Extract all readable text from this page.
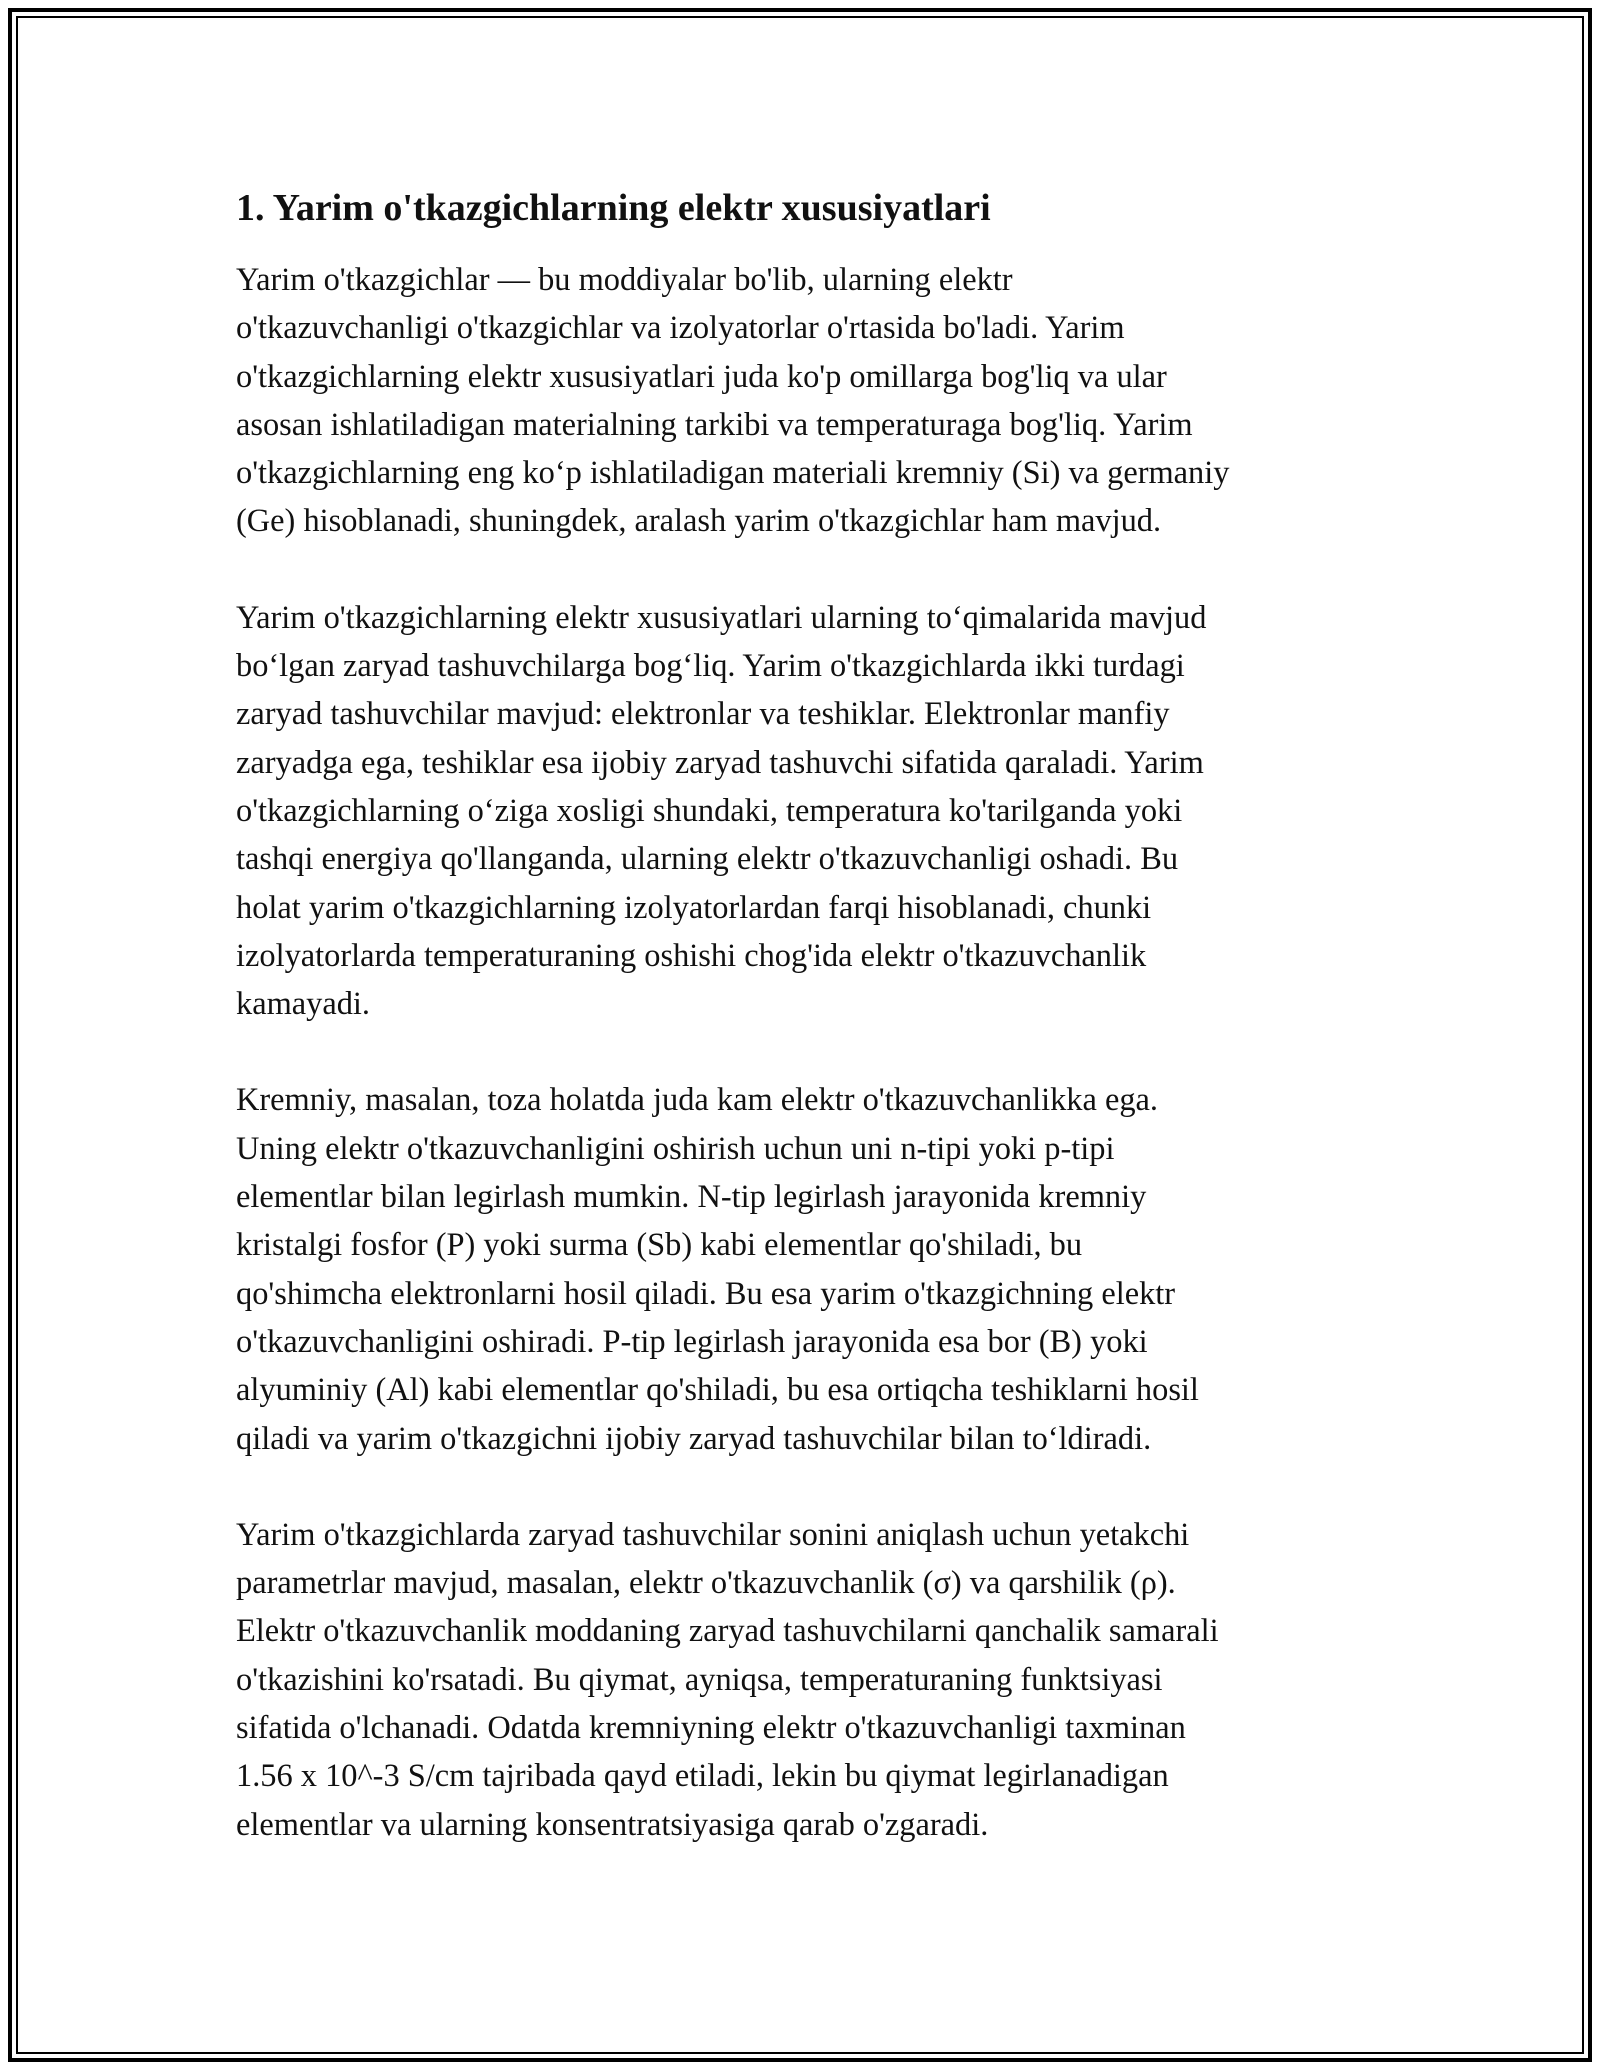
1. Yarim o'tkazgichlarning elektr xususiyatlari

Yarim o'tkazgichlar — bu moddiyalar bo'lib, ularning elektr
o'tkazuvchanligi o'tkazgichlar va izolyatorlar o'rtasida bo'ladi. Yarim
o'tkazgichlarning elektr xususiyatlari juda ko'p omillarga bog'liq va ular
asosan ishlatiladigan materialning tarkibi va temperaturaga bog'liq. Yarim
o'tkazgichlarning eng ko‘p ishlatiladigan materiali kremniy (Si) va germaniy
(Ge) hisoblanadi, shuningdek, aralash yarim o'tkazgichlar ham mavjud.

Yarim o'tkazgichlarning elektr xususiyatlari ularning to‘qimalarida mavjud
bo‘lgan zaryad tashuvchilarga bog‘liq. Yarim o'tkazgichlarda ikki turdagi
zaryad tashuvchilar mavjud: elektronlar va teshiklar. Elektronlar manfiy
zaryadga ega, teshiklar esa ijobiy zaryad tashuvchi sifatida qaraladi. Yarim
o'tkazgichlarning o‘ziga xosligi shundaki, temperatura ko'tarilganda yoki
tashqi energiya qo'llanganda, ularning elektr o'tkazuvchanligi oshadi. Bu
holat yarim o'tkazgichlarning izolyatorlardan farqi hisoblanadi, chunki
izolyatorlarda temperaturaning oshishi chog'ida elektr o'tkazuvchanlik
kamayadi.

Kremniy, masalan, toza holatda juda kam elektr o'tkazuvchanlikka ega.
Uning elektr o'tkazuvchanligini oshirish uchun uni n-tipi yoki p-tipi
elementlar bilan legirlash mumkin. N-tip legirlash jarayonida kremniy
kristalgi fosfor (P) yoki surma (Sb) kabi elementlar qo'shiladi, bu
qo'shimcha elektronlarni hosil qiladi. Bu esa yarim o'tkazgichning elektr
o'tkazuvchanligini oshiradi. P-tip legirlash jarayonida esa bor (B) yoki
alyuminiy (Al) kabi elementlar qo'shiladi, bu esa ortiqcha teshiklarni hosil
qiladi va yarim o'tkazgichni ijobiy zaryad tashuvchilar bilan to‘ldiradi.

Yarim o'tkazgichlarda zaryad tashuvchilar sonini aniqlash uchun yetakchi
parametrlar mavjud, masalan, elektr o'tkazuvchanlik (σ) va qarshilik (ρ).
Elektr o'tkazuvchanlik moddaning zaryad tashuvchilarni qanchalik samarali
o'tkazishini ko'rsatadi. Bu qiymat, ayniqsa, temperaturaning funktsiyasi
sifatida o'lchanadi. Odatda kremniyning elektr o'tkazuvchanligi taxminan
1.56 x 10^-3 S/cm tajribada qayd etiladi, lekin bu qiymat legirlanadigan
elementlar va ularning konsentratsiyasiga qarab o'zgaradi.
